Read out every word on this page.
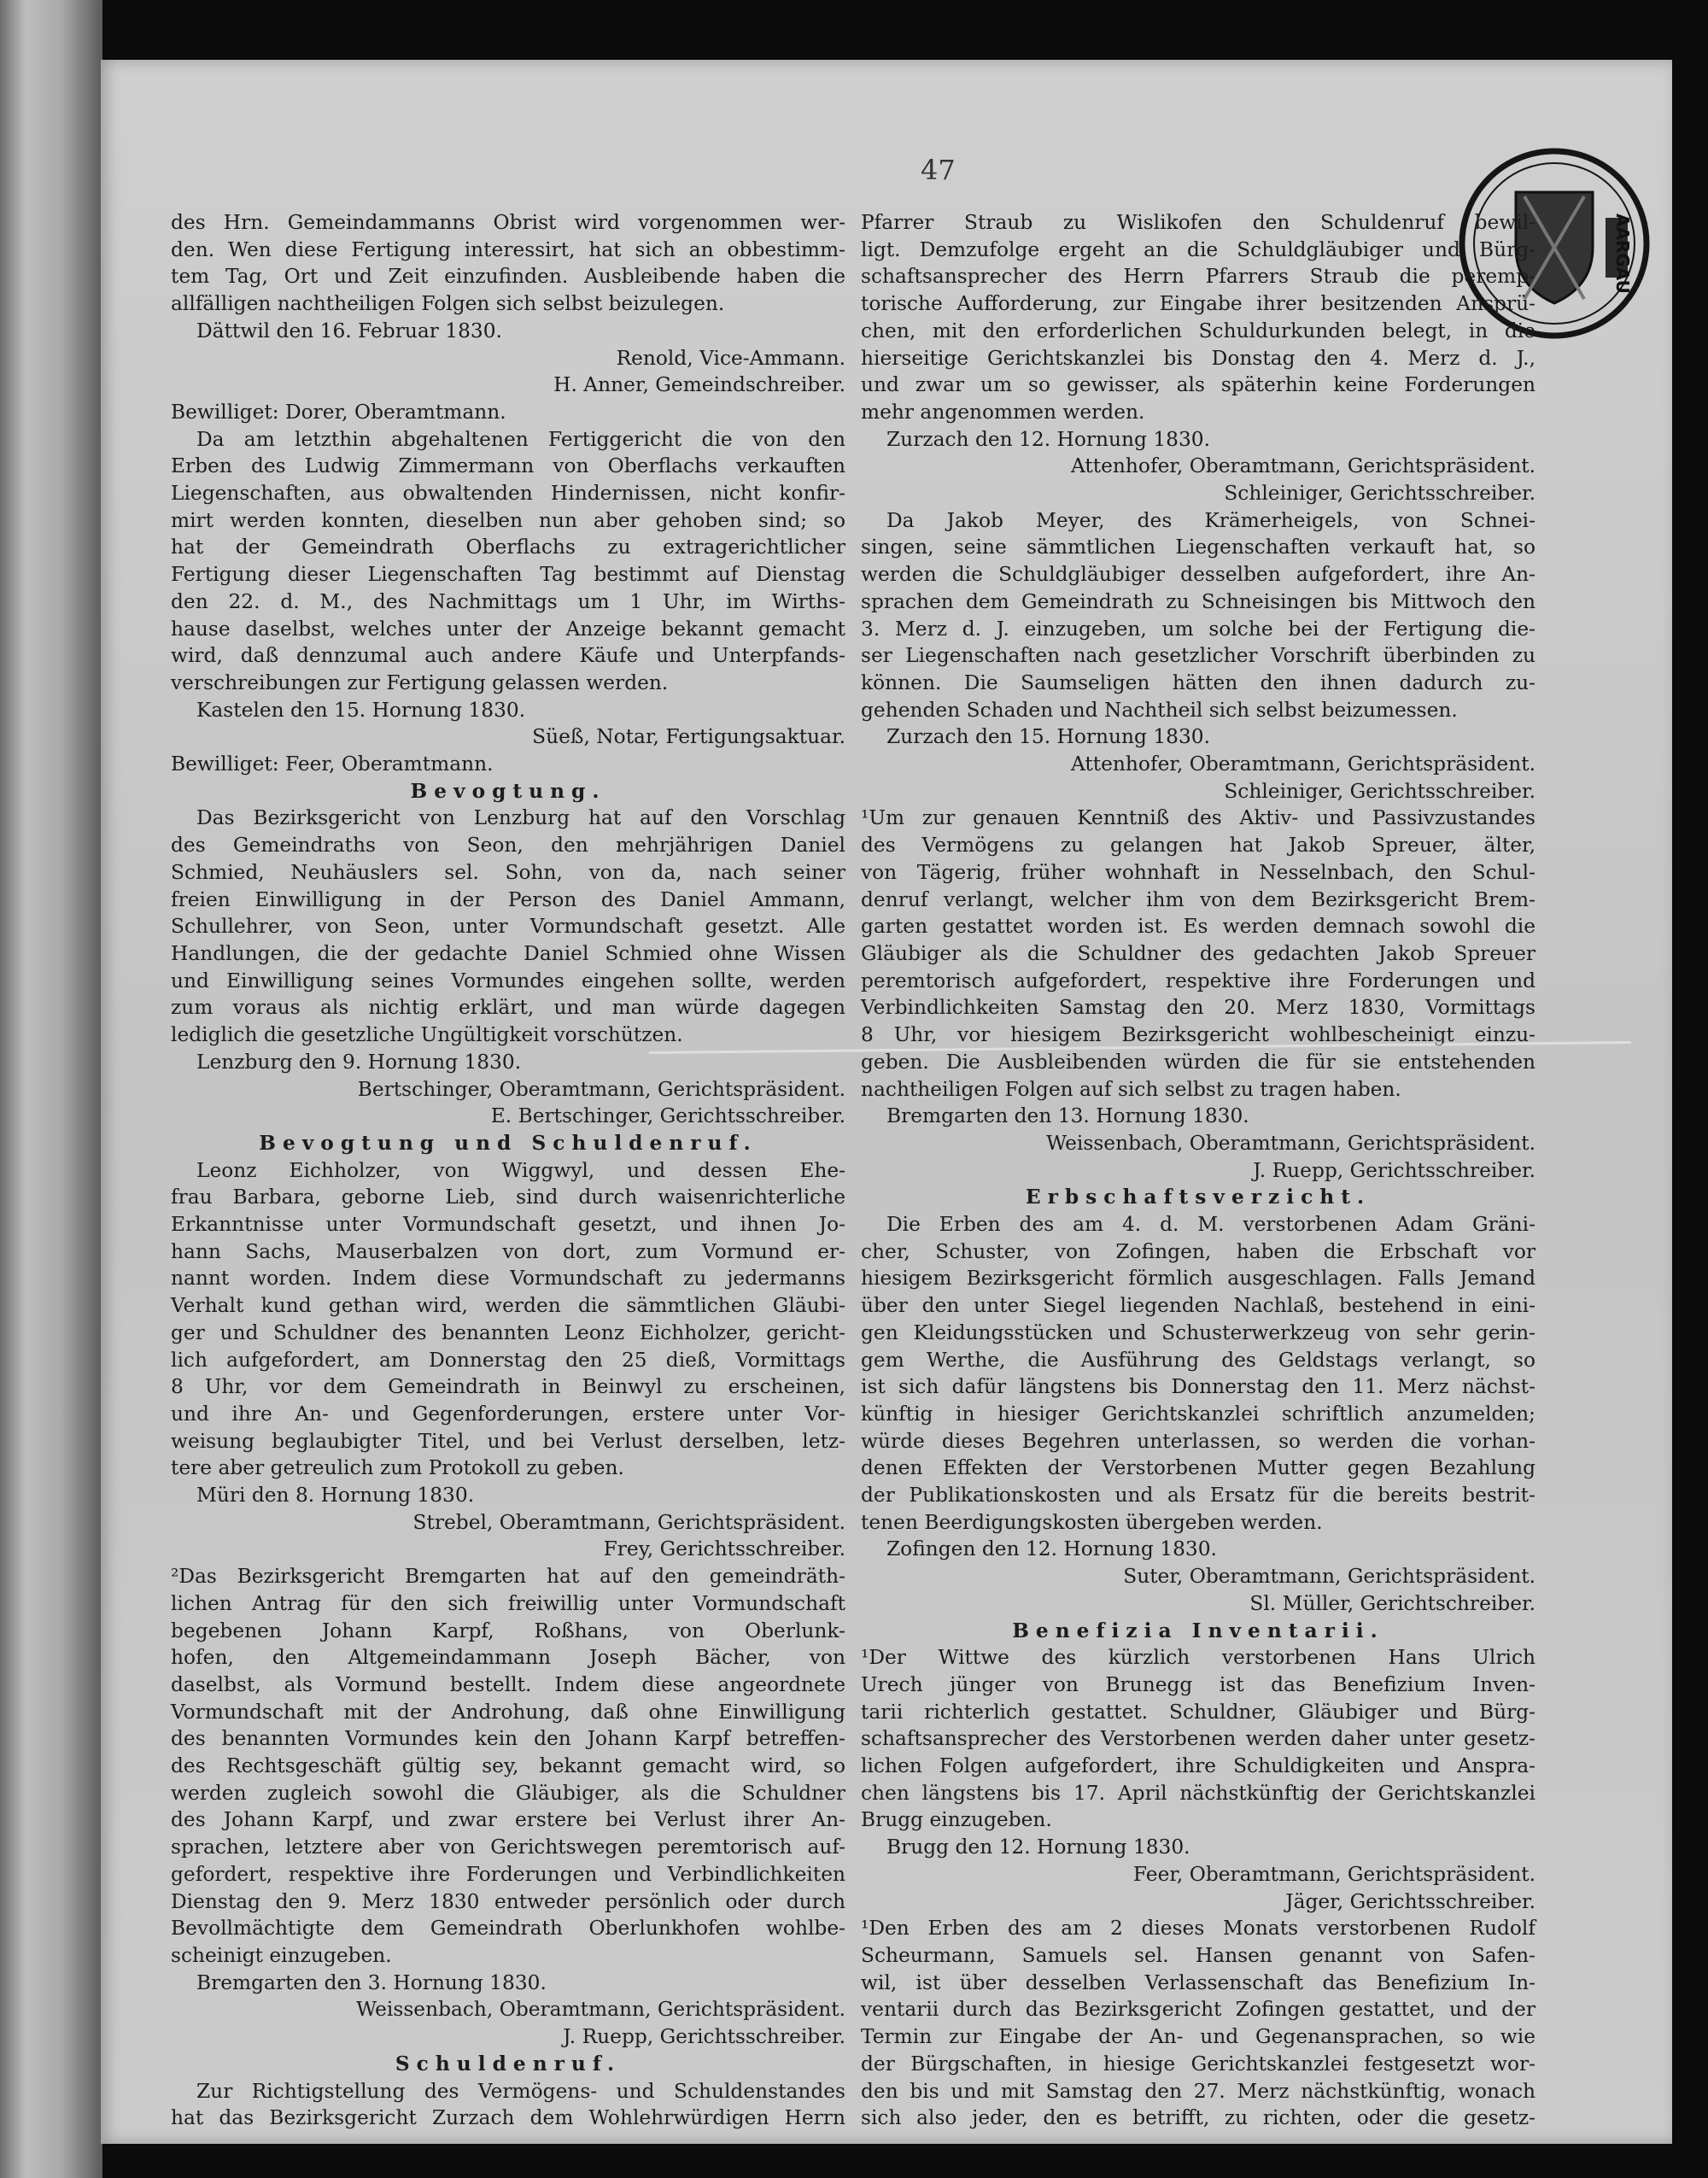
47
AARGAU

des Hrn. Gemeindammanns Obrist wird vorgenommen wer-

den. Wen diese Fertigung interessirt, hat sich an obbestimm-

tem Tag, Ort und Zeit einzufinden. Ausbleibende haben die

allfälligen nachtheiligen Folgen sich selbst beizulegen.

Dättwil den 16. Februar 1830.

Renold, Vice-Ammann.

H. Anner, Gemeindschreiber.

Bewilliget: Dorer, Oberamtmann.

Da am letzthin abgehaltenen Fertiggericht die von den

Erben des Ludwig Zimmermann von Oberflachs verkauften

Liegenschaften, aus obwaltenden Hindernissen, nicht konfir-

mirt werden konnten, dieselben nun aber gehoben sind; so

hat der Gemeindrath Oberflachs zu extragerichtlicher

Fertigung dieser Liegenschaften Tag bestimmt auf Dienstag

den 22. d. M., des Nachmittags um 1 Uhr, im Wirths-

hause daselbst, welches unter der Anzeige bekannt gemacht

wird, daß dennzumal auch andere Käufe und Unterpfands-

verschreibungen zur Fertigung gelassen werden.

Kastelen den 15. Hornung 1830.

Süeß, Notar, Fertigungsaktuar.

Bewilliget: Feer, Oberamtmann.

Bevogtung.

Das Bezirksgericht von Lenzburg hat auf den Vorschlag

des Gemeindraths von Seon, den mehrjährigen Daniel

Schmied, Neuhäuslers sel. Sohn, von da, nach seiner

freien Einwilligung in der Person des Daniel Ammann,

Schullehrer, von Seon, unter Vormundschaft gesetzt. Alle

Handlungen, die der gedachte Daniel Schmied ohne Wissen

und Einwilligung seines Vormundes eingehen sollte, werden

zum voraus als nichtig erklärt, und man würde dagegen

lediglich die gesetzliche Ungültigkeit vorschützen.

Lenzburg den 9. Hornung 1830.

Bertschinger, Oberamtmann, Gerichtspräsident.

E. Bertschinger, Gerichtsschreiber.

Bevogtung und Schuldenruf.

Leonz Eichholzer, von Wiggwyl, und dessen Ehe-

frau Barbara, geborne Lieb, sind durch waisenrichterliche

Erkanntnisse unter Vormundschaft gesetzt, und ihnen Jo-

hann Sachs, Mauserbalzen von dort, zum Vormund er-

nannt worden. Indem diese Vormundschaft zu jedermanns

Verhalt kund gethan wird, werden die sämmtlichen Gläubi-

ger und Schuldner des benannten Leonz Eichholzer, gericht-

lich aufgefordert, am Donnerstag den 25 dieß, Vormittags

8 Uhr, vor dem Gemeindrath in Beinwyl zu erscheinen,

und ihre An- und Gegenforderungen, erstere unter Vor-

weisung beglaubigter Titel, und bei Verlust derselben, letz-

tere aber getreulich zum Protokoll zu geben.

Müri den 8. Hornung 1830.

Strebel, Oberamtmann, Gerichtspräsident.

Frey, Gerichtsschreiber.

²Das Bezirksgericht Bremgarten hat auf den gemeindräth-

lichen Antrag für den sich freiwillig unter Vormundschaft

begebenen Johann Karpf, Roßhans, von Oberlunk-

hofen, den Altgemeindammann Joseph Bächer, von

daselbst, als Vormund bestellt. Indem diese angeordnete

Vormundschaft mit der Androhung, daß ohne Einwilligung

des benannten Vormundes kein den Johann Karpf betreffen-

des Rechtsgeschäft gültig sey, bekannt gemacht wird, so

werden zugleich sowohl die Gläubiger, als die Schuldner

des Johann Karpf, und zwar erstere bei Verlust ihrer An-

sprachen, letztere aber von Gerichtswegen peremtorisch auf-

gefordert, respektive ihre Forderungen und Verbindlichkeiten

Dienstag den 9. Merz 1830 entweder persönlich oder durch

Bevollmächtigte dem Gemeindrath Oberlunkhofen wohlbe-

scheinigt einzugeben.

Bremgarten den 3. Hornung 1830.

Weissenbach, Oberamtmann, Gerichtspräsident.

J. Ruepp, Gerichtsschreiber.

Schuldenruf.

Zur Richtigstellung des Vermögens- und Schuldenstandes

hat das Bezirksgericht Zurzach dem Wohlehrwürdigen Herrn

Pfarrer Straub zu Wislikofen den Schuldenruf bewil-

ligt. Demzufolge ergeht an die Schuldgläubiger und Bürg-

schaftsansprecher des Herrn Pfarrers Straub die peremp-

torische Aufforderung, zur Eingabe ihrer besitzenden Ansprü-

chen, mit den erforderlichen Schuldurkunden belegt, in die

hierseitige Gerichtskanzlei bis Donstag den 4. Merz d. J.,

und zwar um so gewisser, als späterhin keine Forderungen

mehr angenommen werden.

Zurzach den 12. Hornung 1830.

Attenhofer, Oberamtmann, Gerichtspräsident.

Schleiniger, Gerichtsschreiber.

Da Jakob Meyer, des Krämerheigels, von Schnei-

singen, seine sämmtlichen Liegenschaften verkauft hat, so

werden die Schuldgläubiger desselben aufgefordert, ihre An-

sprachen dem Gemeindrath zu Schneisingen bis Mittwoch den

3. Merz d. J. einzugeben, um solche bei der Fertigung die-

ser Liegenschaften nach gesetzlicher Vorschrift überbinden zu

können. Die Saumseligen hätten den ihnen dadurch zu-

gehenden Schaden und Nachtheil sich selbst beizumessen.

Zurzach den 15. Hornung 1830.

Attenhofer, Oberamtmann, Gerichtspräsident.

Schleiniger, Gerichtsschreiber.

¹Um zur genauen Kenntniß des Aktiv- und Passivzustandes

des Vermögens zu gelangen hat Jakob Spreuer, älter,

von Tägerig, früher wohnhaft in Nesselnbach, den Schul-

denruf verlangt, welcher ihm von dem Bezirksgericht Brem-

garten gestattet worden ist. Es werden demnach sowohl die

Gläubiger als die Schuldner des gedachten Jakob Spreuer

peremtorisch aufgefordert, respektive ihre Forderungen und

Verbindlichkeiten Samstag den 20. Merz 1830, Vormittags

8 Uhr, vor hiesigem Bezirksgericht wohlbescheinigt einzu-

geben. Die Ausbleibenden würden die für sie entstehenden

nachtheiligen Folgen auf sich selbst zu tragen haben.

Bremgarten den 13. Hornung 1830.

Weissenbach, Oberamtmann, Gerichtspräsident.

J. Ruepp, Gerichtsschreiber.

Erbschaftsverzicht.

Die Erben des am 4. d. M. verstorbenen Adam Gräni-

cher, Schuster, von Zofingen, haben die Erbschaft vor

hiesigem Bezirksgericht förmlich ausgeschlagen. Falls Jemand

über den unter Siegel liegenden Nachlaß, bestehend in eini-

gen Kleidungsstücken und Schusterwerkzeug von sehr gerin-

gem Werthe, die Ausführung des Geldstags verlangt, so

ist sich dafür längstens bis Donnerstag den 11. Merz nächst-

künftig in hiesiger Gerichtskanzlei schriftlich anzumelden;

würde dieses Begehren unterlassen, so werden die vorhan-

denen Effekten der Verstorbenen Mutter gegen Bezahlung

der Publikationskosten und als Ersatz für die bereits bestrit-

tenen Beerdigungskosten übergeben werden.

Zofingen den 12. Hornung 1830.

Suter, Oberamtmann, Gerichtspräsident.

Sl. Müller, Gerichtschreiber.

Benefizia Inventarii.

¹Der Wittwe des kürzlich verstorbenen Hans Ulrich

Urech jünger von Brunegg ist das Benefizium Inven-

tarii richterlich gestattet. Schuldner, Gläubiger und Bürg-

schaftsansprecher des Verstorbenen werden daher unter gesetz-

lichen Folgen aufgefordert, ihre Schuldigkeiten und Anspra-

chen längstens bis 17. April nächstkünftig der Gerichtskanzlei

Brugg einzugeben.

Brugg den 12. Hornung 1830.

Feer, Oberamtmann, Gerichtspräsident.

Jäger, Gerichtsschreiber.

¹Den Erben des am 2 dieses Monats verstorbenen Rudolf

Scheurmann, Samuels sel. Hansen genannt von Safen-

wil, ist über desselben Verlassenschaft das Benefizium In-

ventarii durch das Bezirksgericht Zofingen gestattet, und der

Termin zur Eingabe der An- und Gegenansprachen, so wie

der Bürgschaften, in hiesige Gerichtskanzlei festgesetzt wor-

den bis und mit Samstag den 27. Merz nächstkünftig, wonach

sich also jeder, den es betrifft, zu richten, oder die gesetz-
